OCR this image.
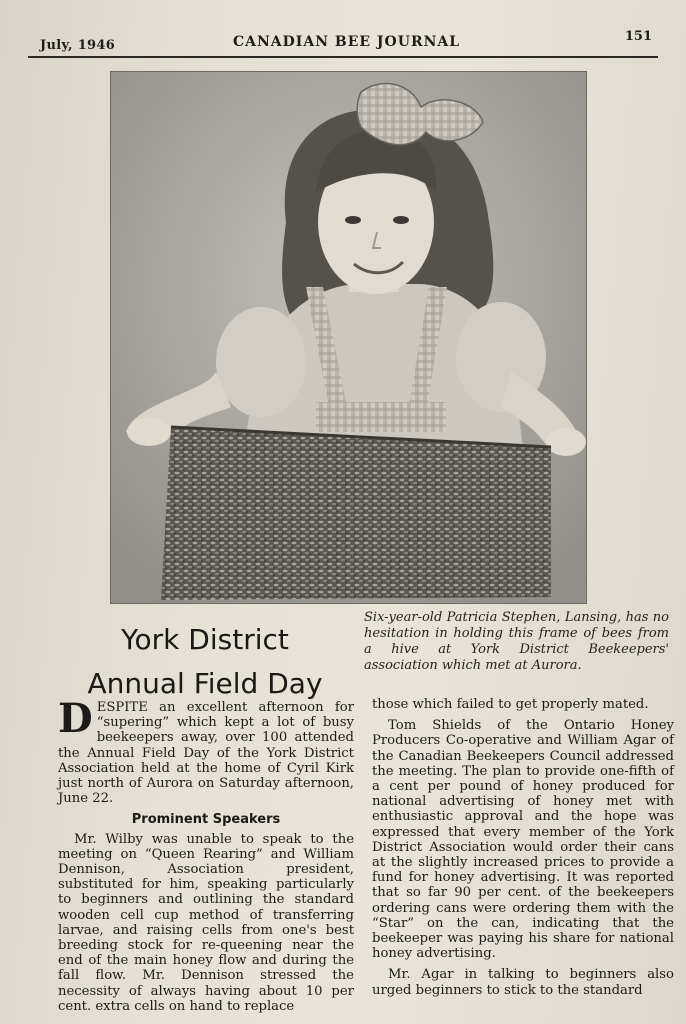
July, 1946	CANADIAN BEE JOURNAL	151
York District
Annual Field Day
Six-year-old Patricia Stephen, Lansing, has no hesitation in holding this frame of bees from a hive at York District Beekeepers' association which met at Aurora.

DESPITE an excellent afternoon for “supering” which kept a lot of busy beekeepers away, over 100 attended the Annual Field Day of the York District Association held at the home of Cyril Kirk just north of Aurora on Saturday afternoon, June 22.

Prominent Speakers

Mr. Wilby was unable to speak to the meeting on “Queen Rearing” and William Dennison, Association president, substituted for him, speaking particularly to beginners and outlining the standard wooden cell cup method of transferring larvae, and raising cells from one's best breeding stock for re-queening near the end of the main honey flow and during the fall flow. Mr. Dennison stressed the necessity of always having about 10 per cent. extra cells on hand to replace

those which failed to get properly mated.

Tom Shields of the Ontario Honey Producers Co-operative and William Agar of the Canadian Beekeepers Council addressed the meeting. The plan to provide one-fifth of a cent per pound of honey produced for national advertising of honey met with enthusiastic approval and the hope was expressed that every member of the York District Association would order their cans at the slightly increased prices to provide a fund for honey advertising. It was reported that so far 90 per cent. of the beekeepers ordering cans were ordering them with the “Star” on the can, indicating that the beekeeper was paying his share for national honey advertising.

Mr. Agar in talking to beginners also urged beginners to stick to the standard
